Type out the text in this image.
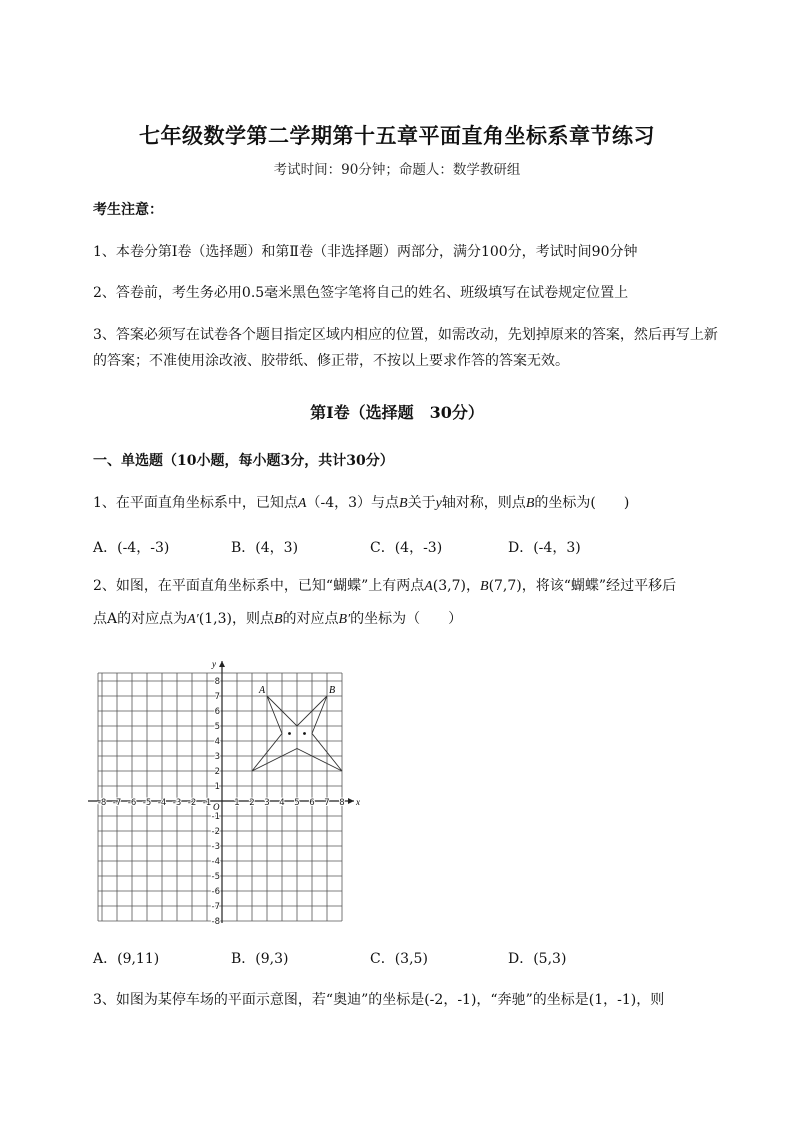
七年级数学第二学期第十五章平面直角坐标系章节练习
考试时间：90分钟；命题人：数学教研组
考生注意：
1、本卷分第I卷（选择题）和第Ⅱ卷（非选择题）两部分，满分100分，考试时间90分钟
2、答卷前，考生务必用0.5毫米黑色签字笔将自己的姓名、班级填写在试卷规定位置上
3、答案必须写在试卷各个题目指定区域内相应的位置，如需改动，先划掉原来的答案，然后再写上新
的答案；不准使用涂改液、胶带纸、修正带，不按以上要求作答的答案无效。
第I卷（选择题　30分）
一、单选题（10小题，每小题3分，共计30分）
1、在平面直角坐标系中，已知点A（-4，3）与点B关于y轴对称，则点B的坐标为(　　)
A．(-4，-3)	B．(4，3)	C．(4，-3)	D．(-4，3)
2、如图，在平面直角坐标系中，已知“蝴蝶”上有两点A(3,7)，B(7,7)，将该“蝴蝶”经过平移后
点A的对应点为A′(1,3)，则点B的对应点B′的坐标为（　　）
x
y
O
-8 -7 -6 -5 -4 -3 -2 -1	1 2 3 4 5 6 7 8
8
7
6
5
4
3
2
1
-1
-2
-3
-4
-5
-6
-7
-8
A	B
A．(9,11)	B．(9,3)	C．(3,5)	D．(5,3)
3、如图为某停车场的平面示意图，若“奥迪”的坐标是(-2，-1)，“奔驰”的坐标是(1，-1)，则
